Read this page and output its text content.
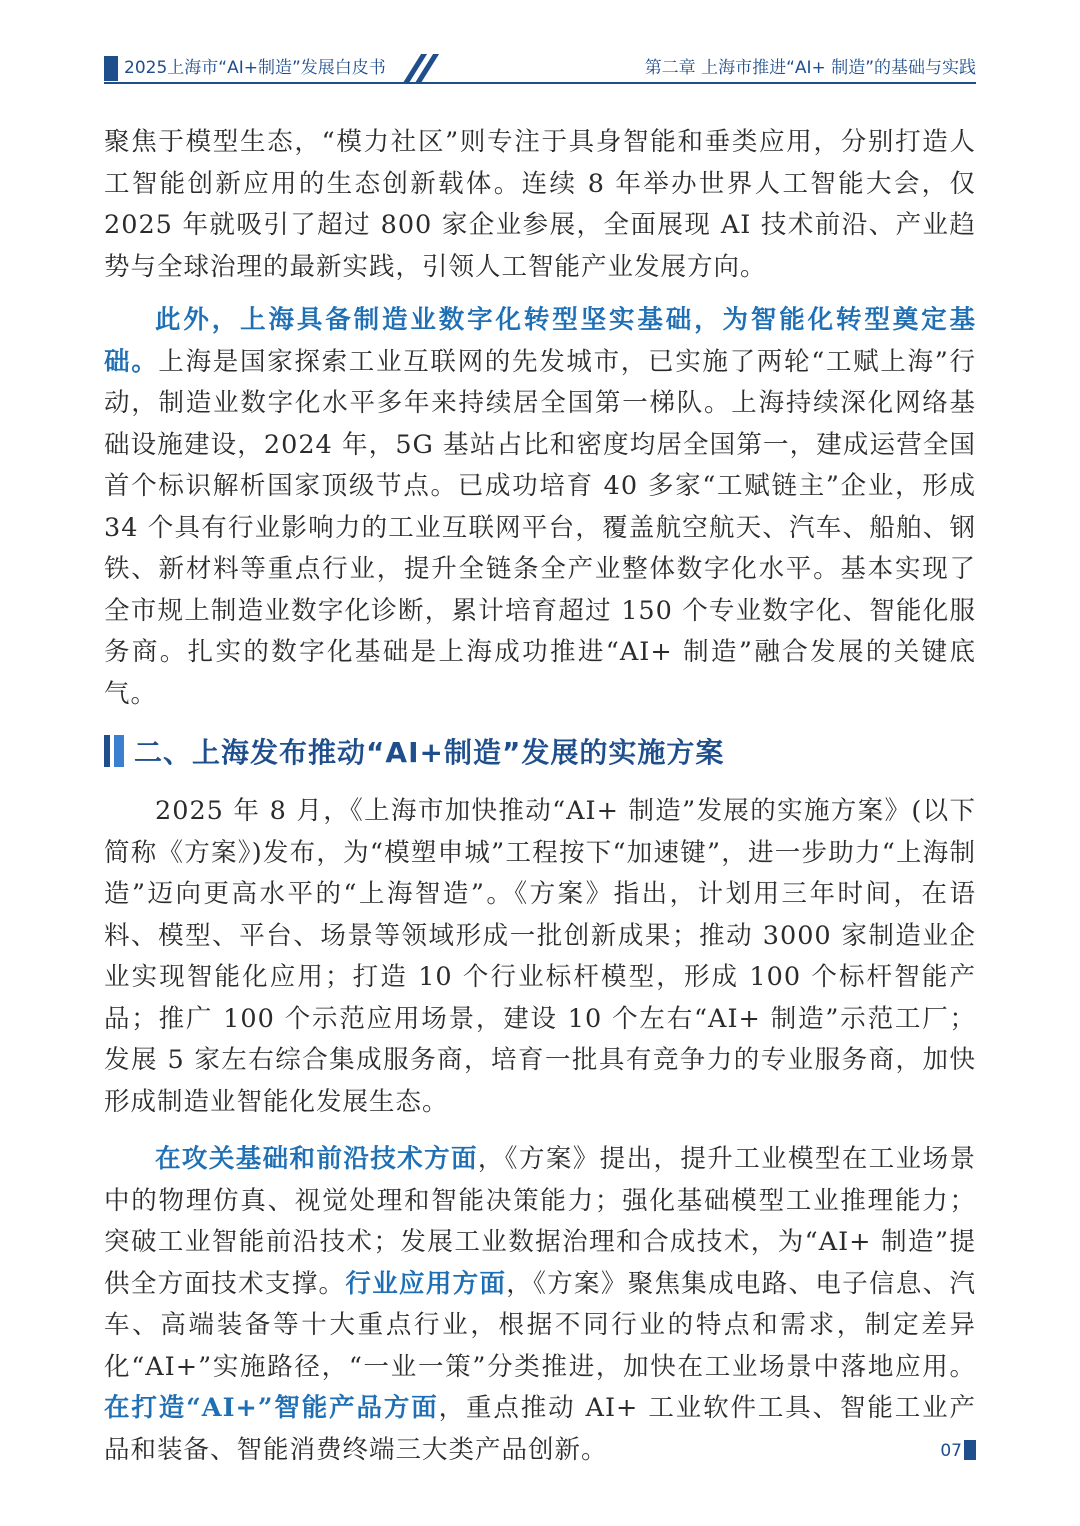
2025上海市“AI+制造”发展白皮书	第二章 上海市推进“AI+ 制造”的基础与实践

聚焦于模型生态，“模力社区”则专注于具身智能和垂类应用，分别打造人工智能创新应用的生态创新载体。连续 8 年举办世界人工智能大会，仅 2025 年就吸引了超过 800 家企业参展，全面展现 AI 技术前沿、产业趋势与全球治理的最新实践，引领人工智能产业发展方向。

此外，上海具备制造业数字化转型坚实基础，为智能化转型奠定基础。上海是国家探索工业互联网的先发城市，已实施了两轮“工赋上海”行动，制造业数字化水平多年来持续居全国第一梯队。上海持续深化网络基础设施建设，2024 年，5G 基站占比和密度均居全国第一，建成运营全国首个标识解析国家顶级节点。已成功培育 40 多家“工赋链主”企业，形成 34 个具有行业影响力的工业互联网平台，覆盖航空航天、汽车、船舶、钢铁、新材料等重点行业，提升全链条全产业整体数字化水平。基本实现了全市规上制造业数字化诊断，累计培育超过 150 个专业数字化、智能化服务商。扎实的数字化基础是上海成功推进“AI+ 制造”融合发展的关键底气。

二、上海发布推动“AI+制造”发展的实施方案

2025 年 8 月，《上海市加快推动“AI+ 制造”发展的实施方案》(以下简称《方案》)发布，为“模塑申城”工程按下“加速键”，进一步助力“上海制造”迈向更高水平的“上海智造”。《方案》指出，计划用三年时间，在语料、模型、平台、场景等领域形成一批创新成果；推动 3000 家制造业企业实现智能化应用；打造 10 个行业标杆模型，形成 100 个标杆智能产品；推广 100 个示范应用场景，建设 10 个左右“AI+ 制造”示范工厂；发展 5 家左右综合集成服务商，培育一批具有竞争力的专业服务商，加快形成制造业智能化发展生态。

在攻关基础和前沿技术方面，《方案》提出，提升工业模型在工业场景中的物理仿真、视觉处理和智能决策能力；强化基础模型工业推理能力；突破工业智能前沿技术；发展工业数据治理和合成技术，为“AI+ 制造”提供全方面技术支撑。行业应用方面，《方案》聚焦集成电路、电子信息、汽车、高端装备等十大重点行业，根据不同行业的特点和需求，制定差异化“AI+”实施路径，“一业一策”分类推进，加快在工业场景中落地应用。在打造“AI+”智能产品方面，重点推动 AI+ 工业软件工具、智能工业产品和装备、智能消费终端三大类产品创新。	07
